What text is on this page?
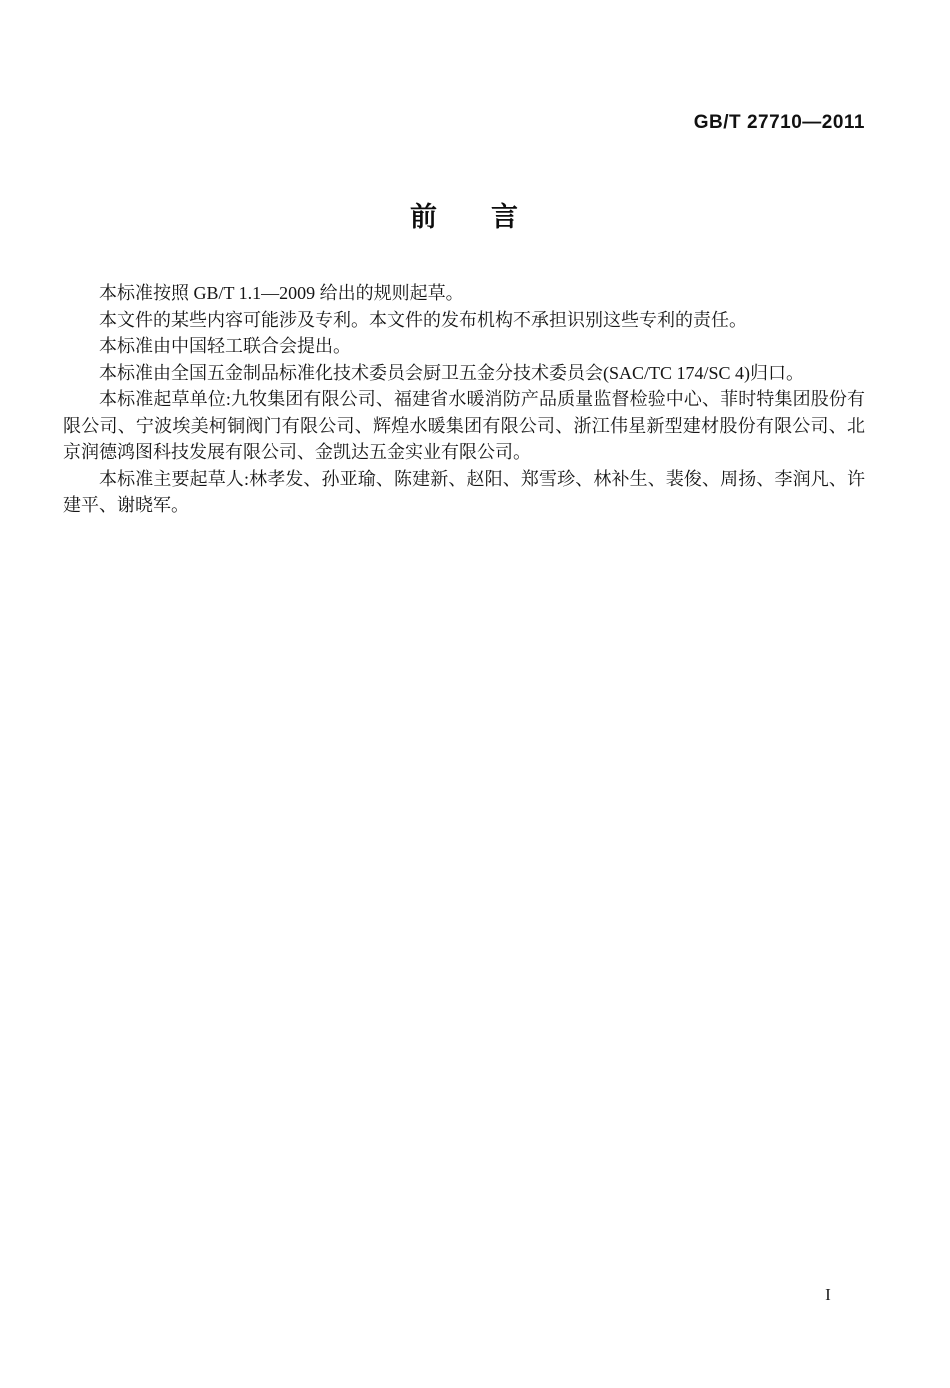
GB/T 27710—2011
前　　言

本标准按照 GB/T 1.1—2009 给出的规则起草。

本文件的某些内容可能涉及专利。本文件的发布机构不承担识别这些专利的责任。

本标准由中国轻工联合会提出。

本标准由全国五金制品标准化技术委员会厨卫五金分技术委员会(SAC/TC 174/SC 4)归口。

本标准起草单位:九牧集团有限公司、福建省水暖消防产品质量监督检验中心、菲时特集团股份有限公司、宁波埃美柯铜阀门有限公司、辉煌水暖集团有限公司、浙江伟星新型建材股份有限公司、北京润德鸿图科技发展有限公司、金凯达五金实业有限公司。

本标准主要起草人:林孝发、孙亚瑜、陈建新、赵阳、郑雪珍、林补生、裴俊、周扬、李润凡、许建平、谢晓军。

I
